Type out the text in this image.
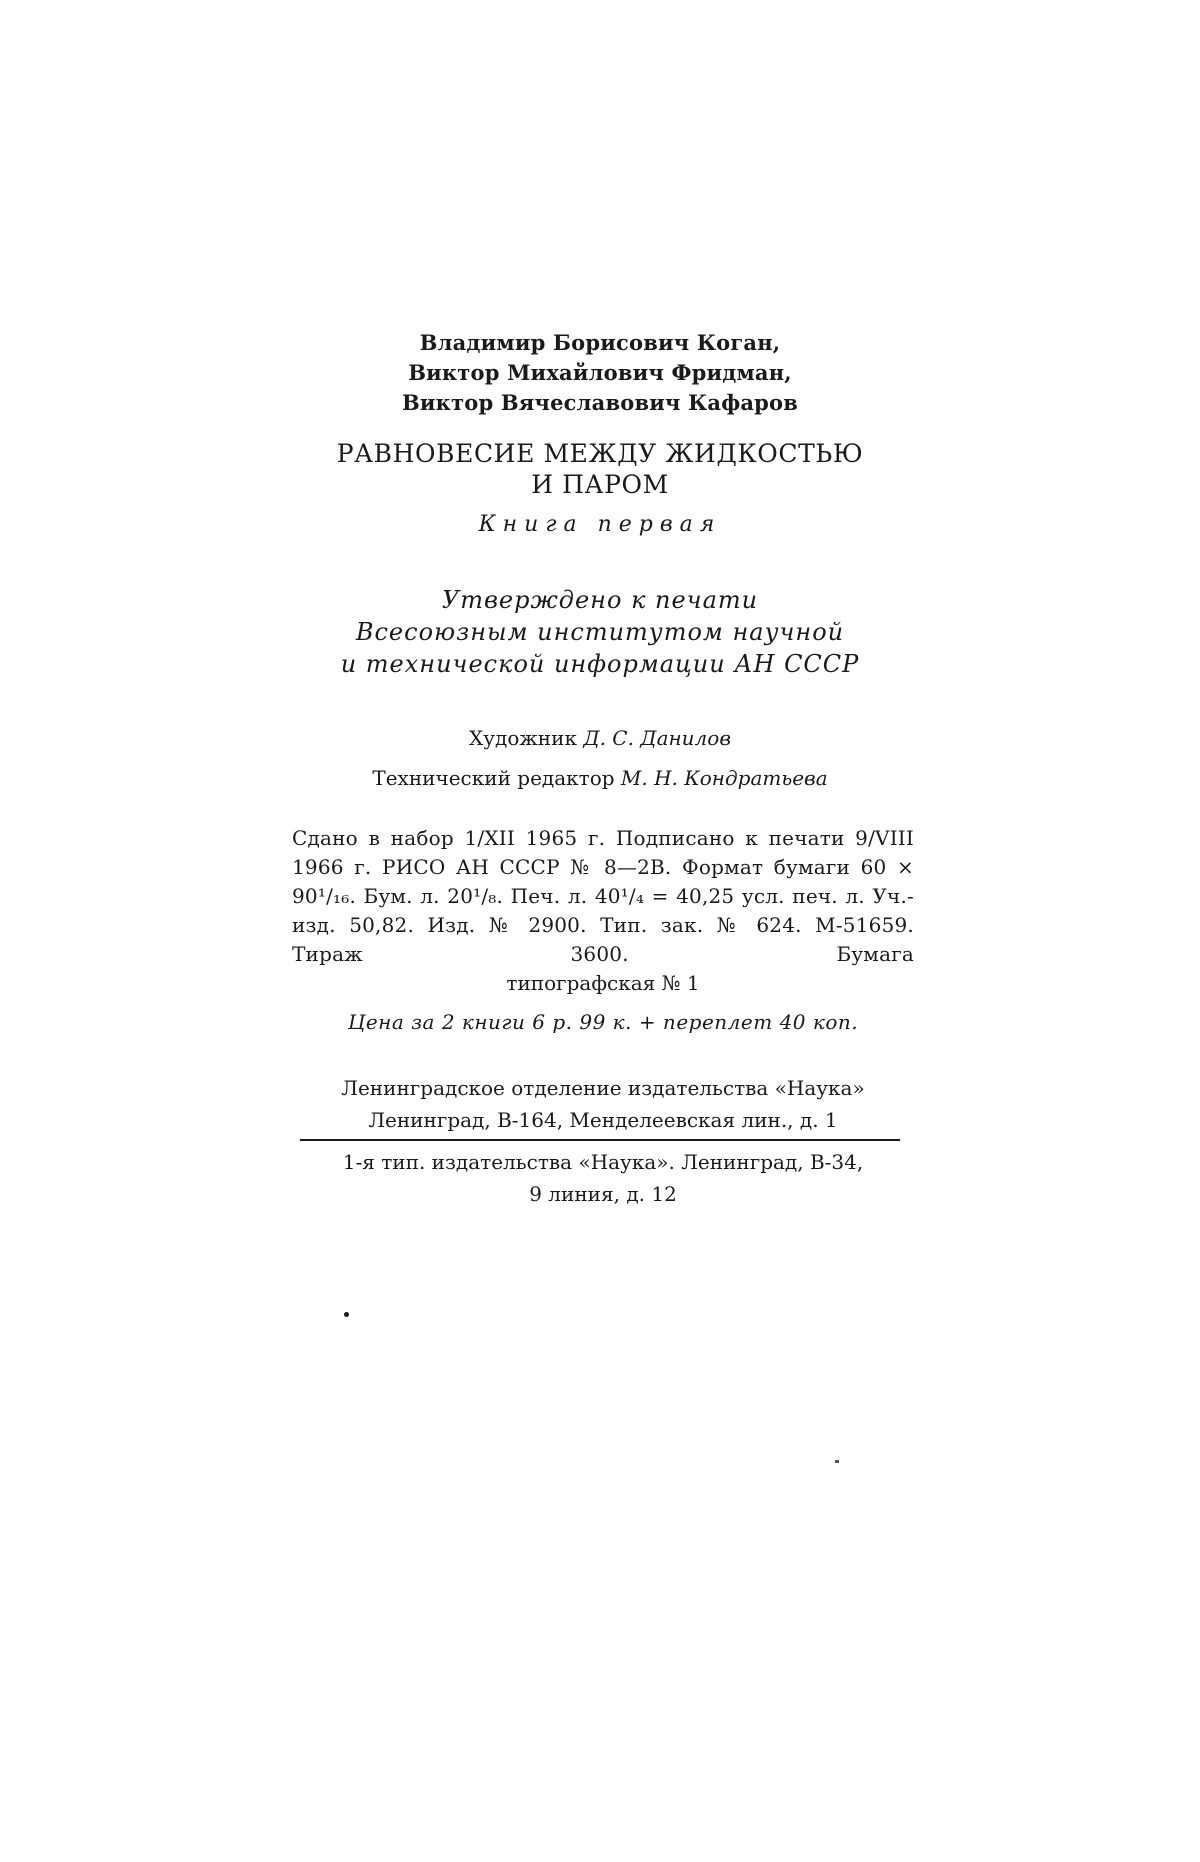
Владимир Борисович Коган,
Виктор Михайлович Фридман,
Виктор Вячеславович Кафаров
РАВНОВЕСИЕ МЕЖДУ ЖИДКОСТЬЮ
И ПАРОМ
Книга первая
Утверждено к печати
Всесоюзным институтом научной
и технической информации АН СССР
Художник Д. С. Данилов
Технический редактор М. Н. Кондратьева
Сдано в набор 1/XII 1965 г. Подписано к печати 9/VIII 1966 г. РИСО АН СССР № 8—2В. Формат бумаги 60 × 90¹/₁₆. Бум. л. 20¹/₈. Печ. л. 40¹/₄ = 40,25 усл. печ. л. Уч.-изд. 50,82. Изд. № 2900. Тип. зак. № 624. М-51659. Тираж 3600. Бумага
типографская № 1
Цена за 2 книги 6 р. 99 к. + переплет 40 коп.
Ленинградское отделение издательства «Наука»
Ленинград, В-164, Менделеевская лин., д. 1
1-я тип. издательства «Наука». Ленинград, В-34,
9 линия, д. 12
